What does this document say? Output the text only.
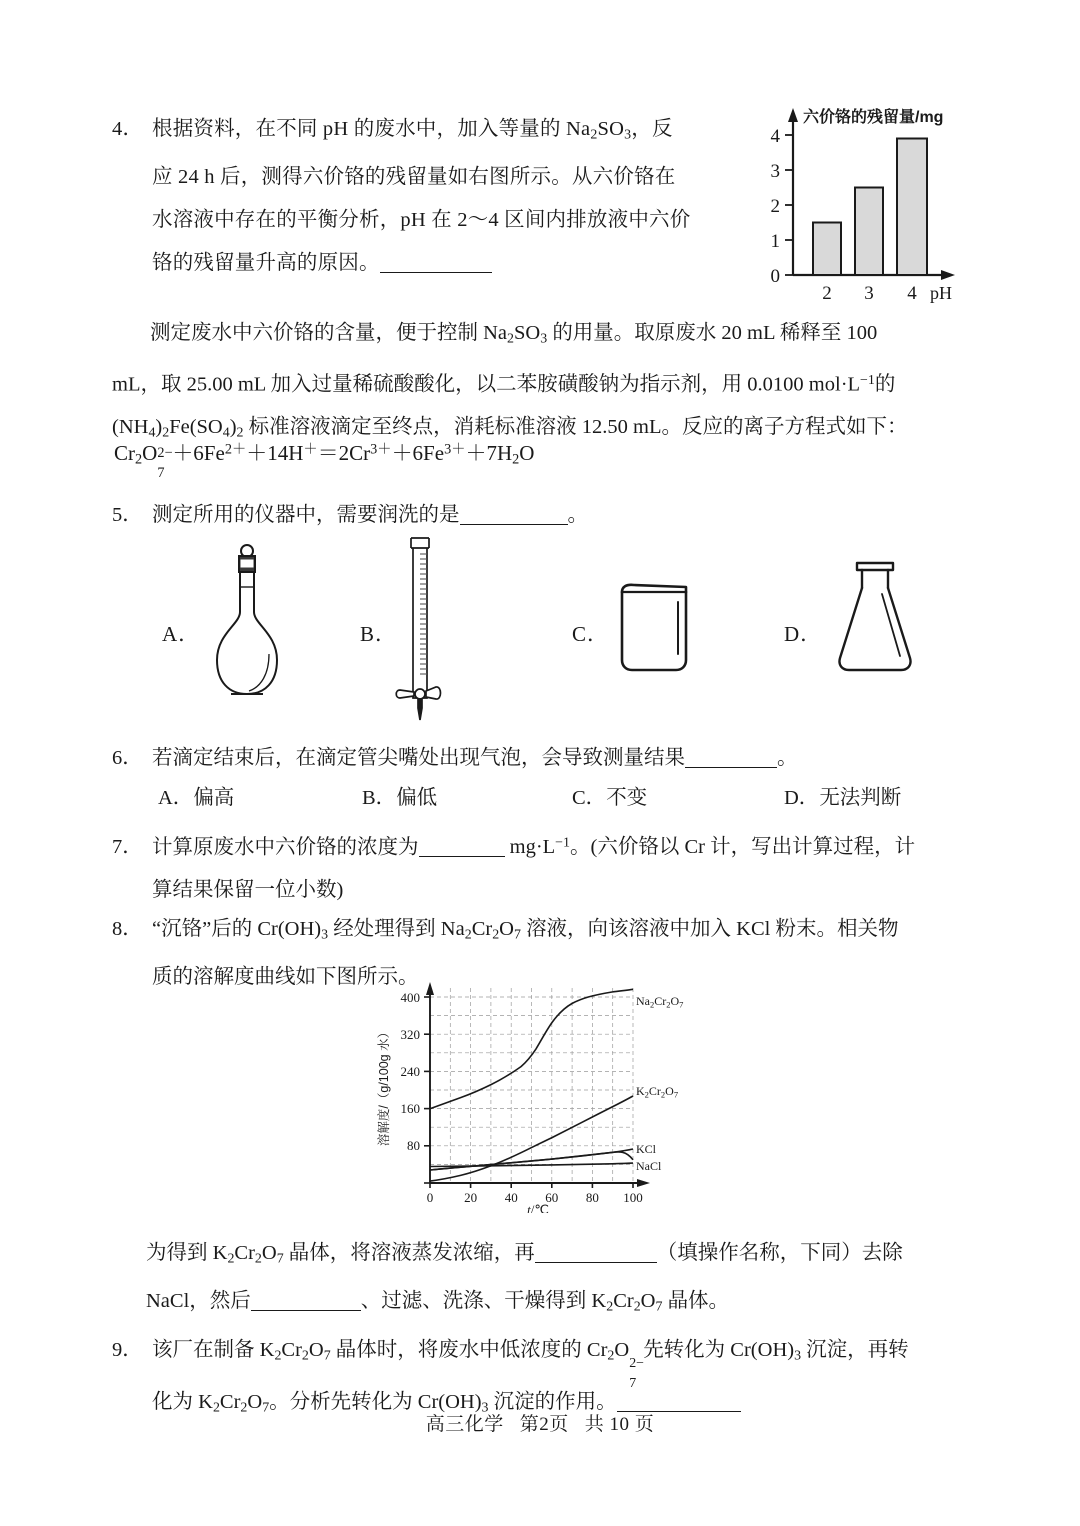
4． 根据资料，在不同 pH 的废水中，加入等量的 $Na_2SO_3$，反
应 24 h 后，测得六价铬的残留量如右图所示。从六价铬在
水溶液中存在的平衡分析，pH 在 2～4 区间内排放液中六价
铬的残留量升高的原因。
0
1
2
3
4
2 3 4 pH
六价铬的残留量/mg
测定废水中六价铬的含量，便于控制 $Na_2SO_3$ 的用量。取原废水 20 mL 稀释至 100
mL，取 25.00 mL 加入过量稀硫酸酸化，以二苯胺磺酸钠为指示剂，用 0.0100 $mol\cdot L^{-1}$的
$(NH_4)_2Fe(SO_4)_2$ 标准溶液滴定至终点，消耗标准溶液 12.50 mL。反应的离子方程式如下：
$Cr_2O$ 2−
7
$+6Fe^{2+}+14H^+=2Cr^{3+}+6Fe^{3+}+7H_2O$
5． 测定所用的仪器中，需要润洗的是	。
A．	B．	C．	D．
6． 若滴定结束后，在滴定管尖嘴处出现气泡，会导致测量结果	。
A．偏高	B．偏低	C．不变	D．无法判断
7． 计算原废水中六价铬的浓度为	$mg\cdot L^{-1}$。(六价铬以 Cr 计，写出计算过程，计
算结果保留一位小数)
8． “沉铬”后的 $Cr(OH)_3$ 经处理得到 $Na_2Cr_2O_7$ 溶液，向该溶液中加入 KCl 粉末。相关物
质的溶解度曲线如下图所示。
80
160
240
320
400
0 20 40 60 80 100
t/℃
溶解度/（g/100g 水）
$Na_2Cr_2O_7$
$K_2Cr_2O_7$
KCl
NaCl
为得到 $K_2Cr_2O_7$ 晶体，将溶液蒸发浓缩，再	（填操作名称，下同）去除
NaCl，然后	、过滤、洗涤、干燥得到 $K_2Cr_2O_7$ 晶体。
9． 该厂在制备 $K_2Cr_2O_7$ 晶体时，将废水中低浓度的 $Cr_2O$
2−
7
先转化为 $Cr(OH)_3$ 沉淀，再转
化为 $K_2Cr_2O_7$。分析先转化为 $Cr(OH)_3$ 沉淀的作用。
高三化学 第2页 共 10 页
